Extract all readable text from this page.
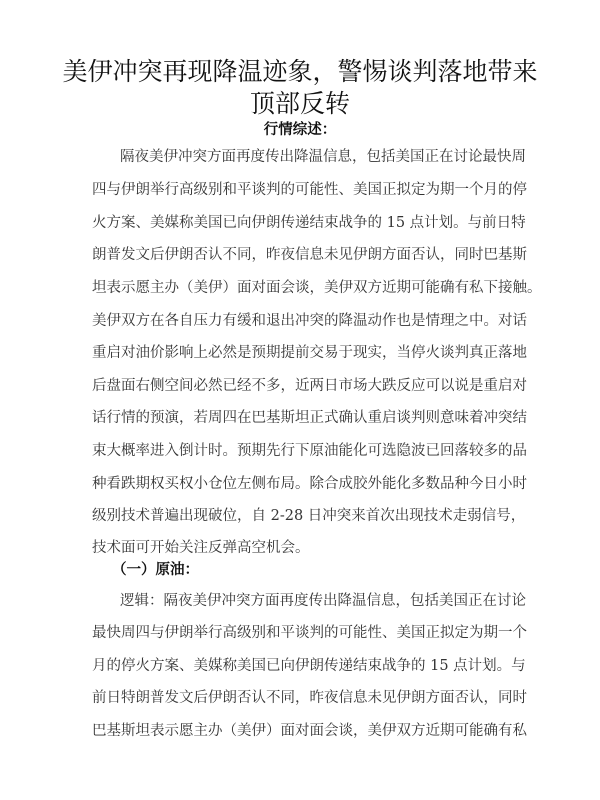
美伊冲突再现降温迹象，警惕谈判落地带来
顶部反转
行情综述：
隔夜美伊冲突方面再度传出降温信息，包括美国正在讨论最快周
四与伊朗举行高级别和平谈判的可能性、美国正拟定为期一个月的停
火方案、美媒称美国已向伊朗传递结束战争的 15 点计划。与前日特
朗普发文后伊朗否认不同，昨夜信息未见伊朗方面否认，同时巴基斯
坦表示愿主办（美伊）面对面会谈，美伊双方近期可能确有私下接触。
美伊双方在各自压力有缓和退出冲突的降温动作也是情理之中。对话
重启对油价影响上必然是预期提前交易于现实，当停火谈判真正落地
后盘面右侧空间必然已经不多，近两日市场大跌反应可以说是重启对
话行情的预演，若周四在巴基斯坦正式确认重启谈判则意味着冲突结
束大概率进入倒计时。预期先行下原油能化可选隐波已回落较多的品
种看跌期权买权小仓位左侧布局。除合成胶外能化多数品种今日小时
级别技术普遍出现破位，自 2-28 日冲突来首次出现技术走弱信号，
技术面可开始关注反弹高空机会。
（一）原油：
逻辑：隔夜美伊冲突方面再度传出降温信息，包括美国正在讨论
最快周四与伊朗举行高级别和平谈判的可能性、美国正拟定为期一个
月的停火方案、美媒称美国已向伊朗传递结束战争的 15 点计划。与
前日特朗普发文后伊朗否认不同，昨夜信息未见伊朗方面否认，同时
巴基斯坦表示愿主办（美伊）面对面会谈，美伊双方近期可能确有私
